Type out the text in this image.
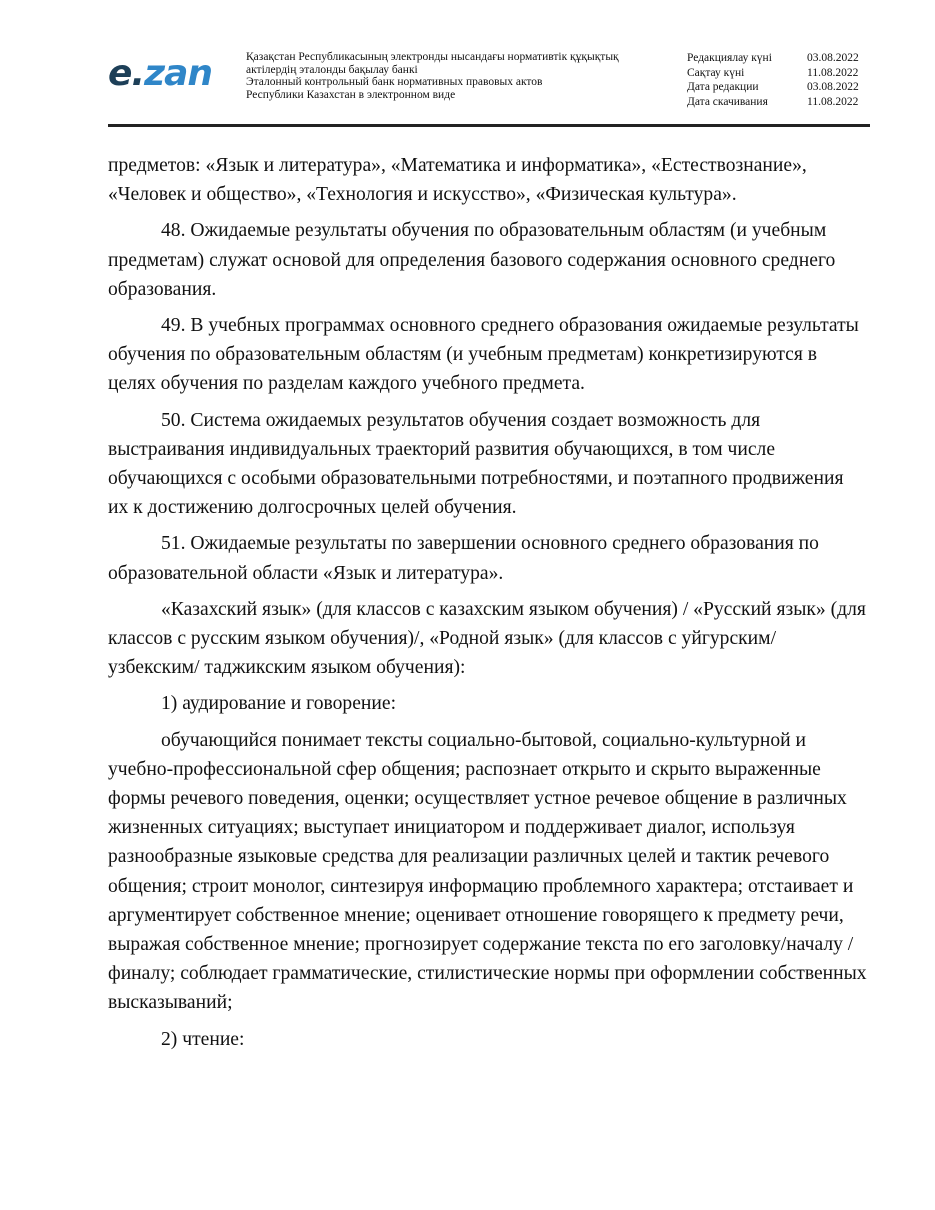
e.zan	Қазақстан Республикасының электронды нысандағы нормативтік құқықтық
актілердің эталонды бақылау банкі
Эталонный контрольный банк нормативных правовых актов
Республики Казахстан в электронном виде
Редакциялау күні	03.08.2022
Сақтау күні	11.08.2022
Дата редакции	03.08.2022
Дата скачивания	11.08.2022

предметов: «Язык и литература», «Математика и информатика», «Естествознание», «Человек и общество», «Технология и искусство», «Физическая культура».

48. Ожидаемые результаты обучения по образовательным областям (и учебным предметам) служат основой для определения базового содержания основного среднего образования.

49. В учебных программах основного среднего образования ожидаемые результаты обучения по образовательным областям (и учебным предметам) конкретизируются в целях обучения по разделам каждого учебного предмета.

50. Система ожидаемых результатов обучения создает возможность для выстраивания индивидуальных траекторий развития обучающихся, в том числе обучающихся с особыми образовательными потребностями, и поэтапного продвижения их к достижению долгосрочных целей обучения.

51. Ожидаемые результаты по завершении основного среднего образования по образовательной области «Язык и литература».

«Казахский язык» (для классов с казахским языком обучения) / «Русский язык» (для классов с русским языком обучения)/, «Родной язык» (для классов с уйгурским/ узбекским/ таджикским языком обучения):

1) аудирование и говорение:

обучающийся понимает тексты социально-бытовой, социально-культурной и учебно-профессиональной сфер общения; распознает открыто и скрыто выраженные формы речевого поведения, оценки; осуществляет устное речевое общение в различных жизненных ситуациях; выступает инициатором и поддерживает диалог, используя разнообразные языковые средства для реализации различных целей и тактик речевого общения; строит монолог, синтезируя информацию проблемного характера; отстаивает и аргументирует собственное мнение; оценивает отношение говорящего к предмету речи, выражая собственное мнение; прогнозирует содержание текста по его заголовку/началу /финалу; соблюдает грамматические, стилистические нормы при оформлении собственных высказываний;

2) чтение:
